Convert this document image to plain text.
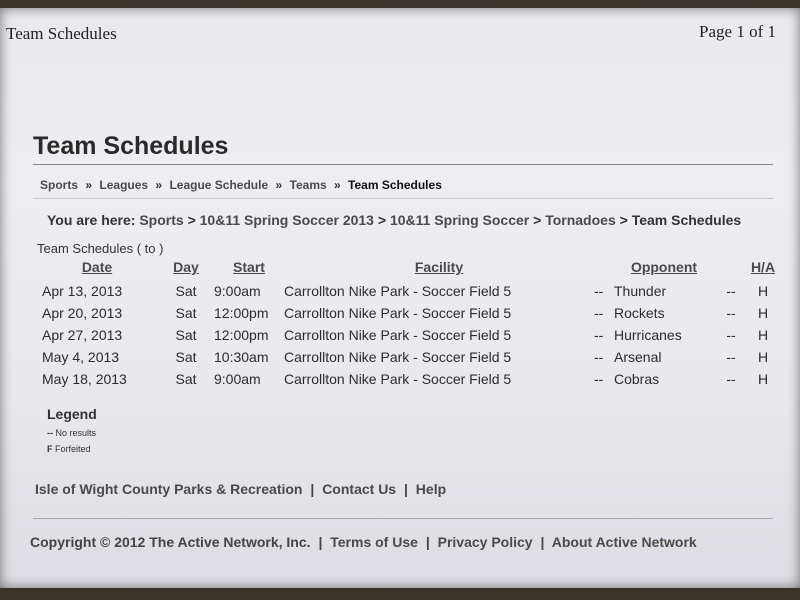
Team Schedules	Page 1 of 1
Team Schedules
Sports » Leagues » League Schedule » Teams » Team Schedules
You are here: Sports > 10&11 Spring Soccer 2013 > 10&11 Spring Soccer > Tornadoes > Team Schedules
Team Schedules ( to )
Date	Day	Start	Facility		Opponent		H/A
Apr 13, 2013	Sat	9:00am	Carrollton Nike Park - Soccer Field 5	--	Thunder	--	H
Apr 20, 2013	Sat	12:00pm	Carrollton Nike Park - Soccer Field 5	--	Rockets	--	H
Apr 27, 2013	Sat	12:00pm	Carrollton Nike Park - Soccer Field 5	--	Hurricanes	--	H
May 4, 2013	Sat	10:30am	Carrollton Nike Park - Soccer Field 5	--	Arsenal	--	H
May 18, 2013	Sat	9:00am	Carrollton Nike Park - Soccer Field 5	--	Cobras	--	H
Legend
-- No results
F Forfeited
Isle of Wight County Parks & Recreation | Contact Us | Help
Copyright © 2012 The Active Network, Inc. | Terms of Use | Privacy Policy | About Active Network
